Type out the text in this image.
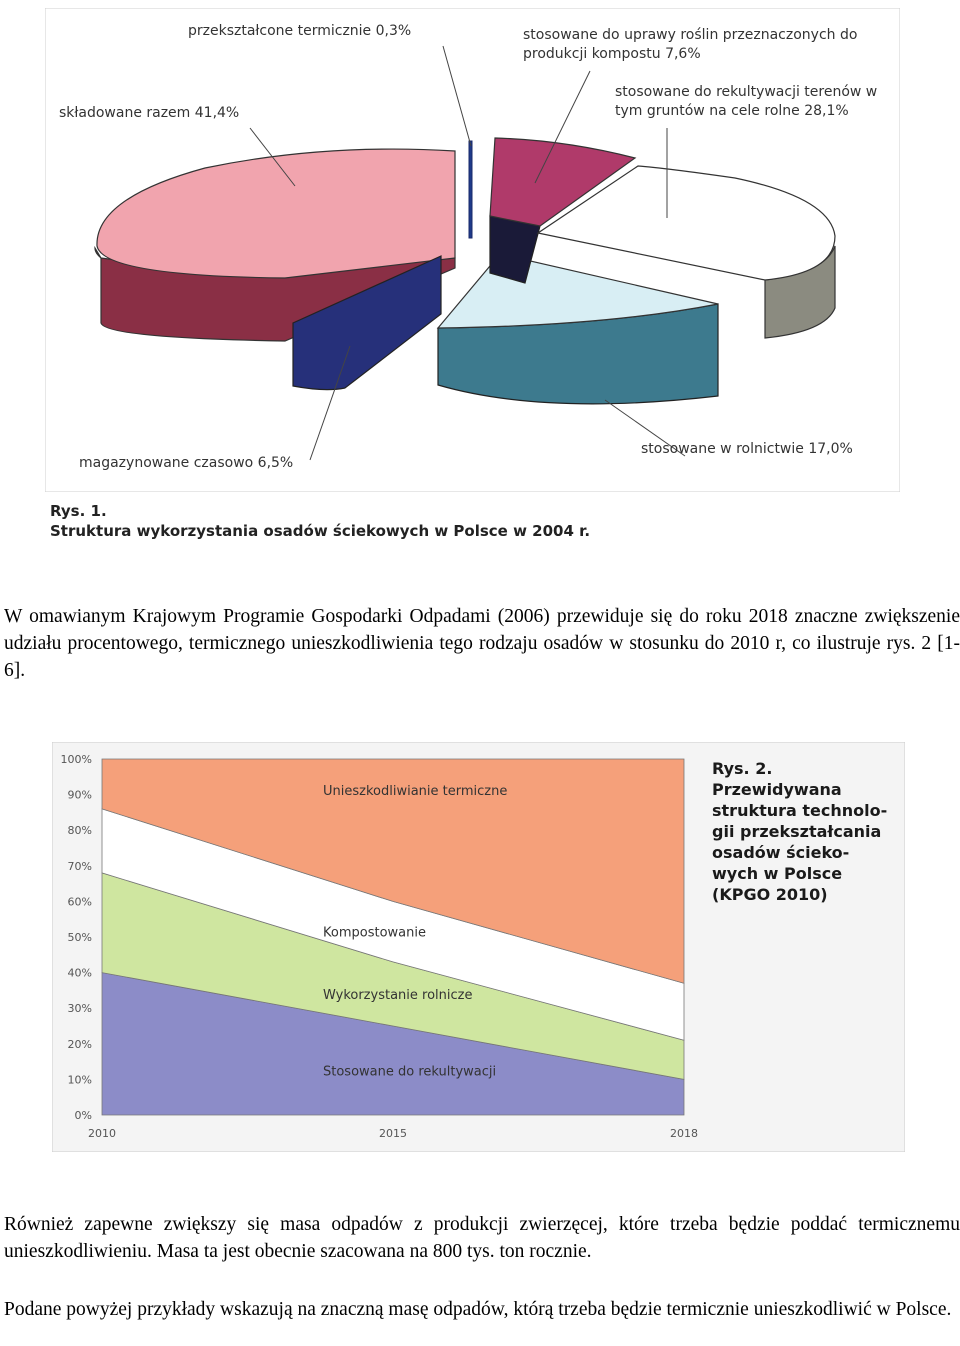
przekształcone termicznie 0,3%	stosowane do uprawy roślin przeznaczonych do produkcji kompostu 7,6%
stosowane do rekultywacji terenów w tym gruntów na cele rolne 28,1%
składowane razem 41,4%
magazynowane czasowo 6,5%
stosowane w rolnictwie 17,0%
Rys. 1.
Struktura wykorzystania osadów ściekowych w Polsce w 2004 r.

W omawianym Krajowym Programie Gospodarki Odpadami (2006) przewiduje się do roku 2018 znaczne zwiększenie udziału procentowego, termicznego unieszkodliwienia tego rodzaju osadów w stosunku do 2010 r, co ilustruje rys. 2 [1-6].

0%
10%
20%
30%
40%
50%
60%
70%
80%
90%
100%
2010	2015	2018
Stosowane do rekultywacji
Wykorzystanie rolnicze
Kompostowanie
Unieszkodliwianie termiczne
Rys. 2.
Przewidywana
struktura technolo-
gii przekształcania
osadów ścieko-
wych w Polsce
(KPGO 2010)

Również zapewne zwiększy się masa odpadów z produkcji zwierzęcej, które trzeba będzie poddać termicznemu unieszkodliwieniu. Masa ta jest obecnie szacowana na 800 tys. ton rocznie.

Podane powyżej przykłady wskazują na znaczną masę odpadów, którą trzeba będzie termicznie unieszkodliwić w Polsce.
